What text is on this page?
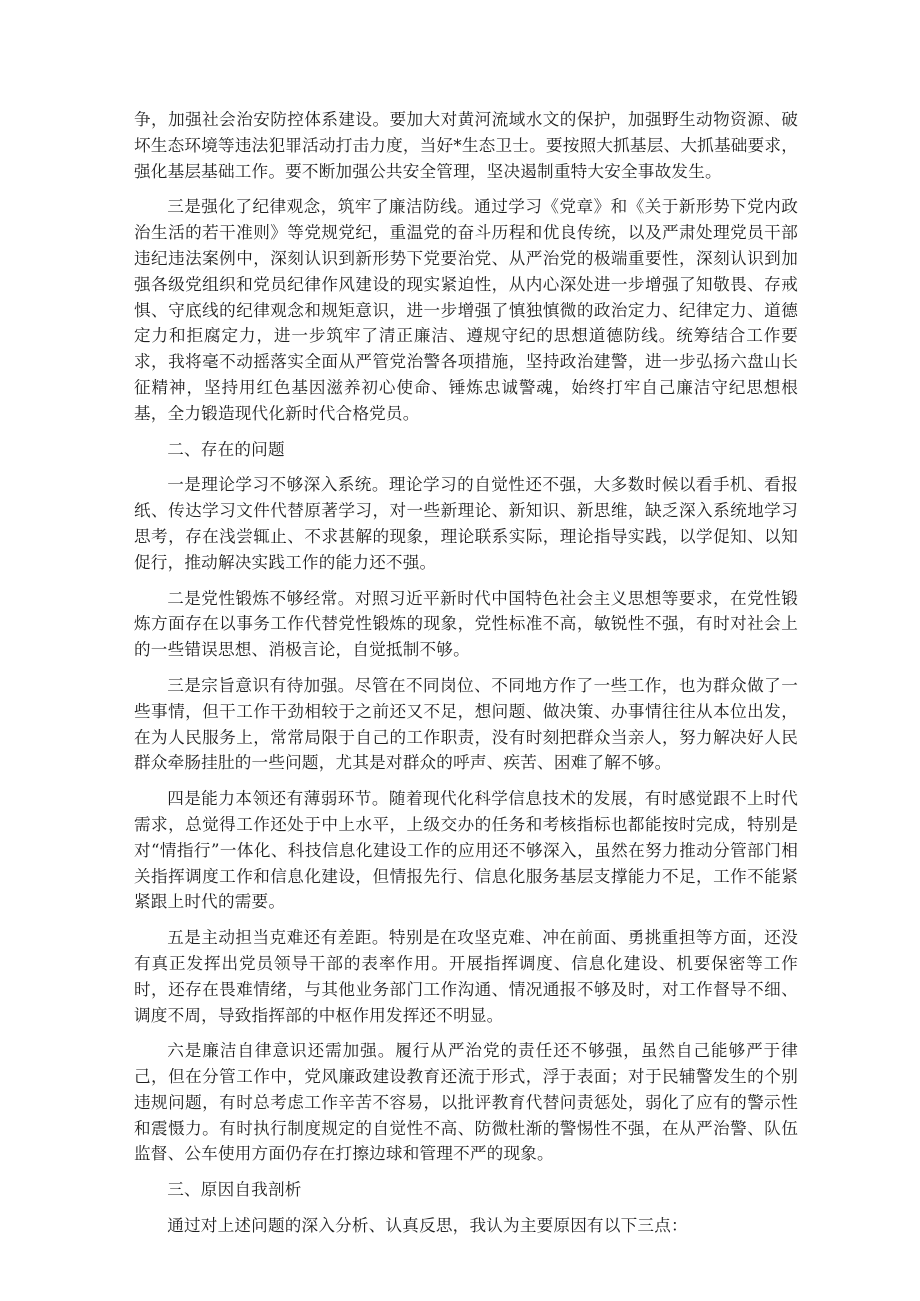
争，加强社会治安防控体系建设。要加大对黄河流域水文的保护，加强野生动物资源、破坏生态环境等违法犯罪活动打击力度，当好*生态卫士。要按照大抓基层、大抓基础要求，强化基层基础工作。要不断加强公共安全管理，坚决遏制重特大安全事故发生。

三是强化了纪律观念，筑牢了廉洁防线。通过学习《党章》和《关于新形势下党内政治生活的若干准则》等党规党纪，重温党的奋斗历程和优良传统，以及严肃处理党员干部违纪违法案例中，深刻认识到新形势下党要治党、从严治党的极端重要性，深刻认识到加强各级党组织和党员纪律作风建设的现实紧迫性，从内心深处进一步增强了知敬畏、存戒惧、守底线的纪律观念和规矩意识，进一步增强了慎独慎微的政治定力、纪律定力、道德定力和拒腐定力，进一步筑牢了清正廉洁、遵规守纪的思想道德防线。统筹结合工作要求，我将毫不动摇落实全面从严管党治警各项措施，坚持政治建警，进一步弘扬六盘山长征精神，坚持用红色基因滋养初心使命、锤炼忠诚警魂，始终打牢自己廉洁守纪思想根基，全力锻造现代化新时代合格党员。

二、存在的问题

一是理论学习不够深入系统。理论学习的自觉性还不强，大多数时候以看手机、看报纸、传达学习文件代替原著学习，对一些新理论、新知识、新思维，缺乏深入系统地学习思考，存在浅尝辄止、不求甚解的现象，理论联系实际，理论指导实践，以学促知、以知促行，推动解决实践工作的能力还不强。

二是党性锻炼不够经常。对照习近平新时代中国特色社会主义思想等要求，在党性锻炼方面存在以事务工作代替党性锻炼的现象，党性标准不高，敏锐性不强，有时对社会上的一些错误思想、消极言论，自觉抵制不够。

三是宗旨意识有待加强。尽管在不同岗位、不同地方作了一些工作，也为群众做了一些事情，但干工作干劲相较于之前还又不足，想问题、做决策、办事情往往从本位出发，在为人民服务上，常常局限于自己的工作职责，没有时刻把群众当亲人，努力解决好人民群众牵肠挂肚的一些问题，尤其是对群众的呼声、疾苦、困难了解不够。

四是能力本领还有薄弱环节。随着现代化科学信息技术的发展，有时感觉跟不上时代需求，总觉得工作还处于中上水平，上级交办的任务和考核指标也都能按时完成，特别是对“情指行”一体化、科技信息化建设工作的应用还不够深入，虽然在努力推动分管部门相关指挥调度工作和信息化建设，但情报先行、信息化服务基层支撑能力不足，工作不能紧紧跟上时代的需要。

五是主动担当克难还有差距。特别是在攻坚克难、冲在前面、勇挑重担等方面，还没有真正发挥出党员领导干部的表率作用。开展指挥调度、信息化建设、机要保密等工作时，还存在畏难情绪，与其他业务部门工作沟通、情况通报不够及时，对工作督导不细、调度不周，导致指挥部的中枢作用发挥还不明显。

六是廉洁自律意识还需加强。履行从严治党的责任还不够强，虽然自己能够严于律己，但在分管工作中，党风廉政建设教育还流于形式，浮于表面；对于民辅警发生的个别违规问题，有时总考虑工作辛苦不容易，以批评教育代替问责惩处，弱化了应有的警示性和震慑力。有时执行制度规定的自觉性不高、防微杜渐的警惕性不强，在从严治警、队伍监督、公车使用方面仍存在打擦边球和管理不严的现象。

三、原因自我剖析

通过对上述问题的深入分析、认真反思，我认为主要原因有以下三点：
